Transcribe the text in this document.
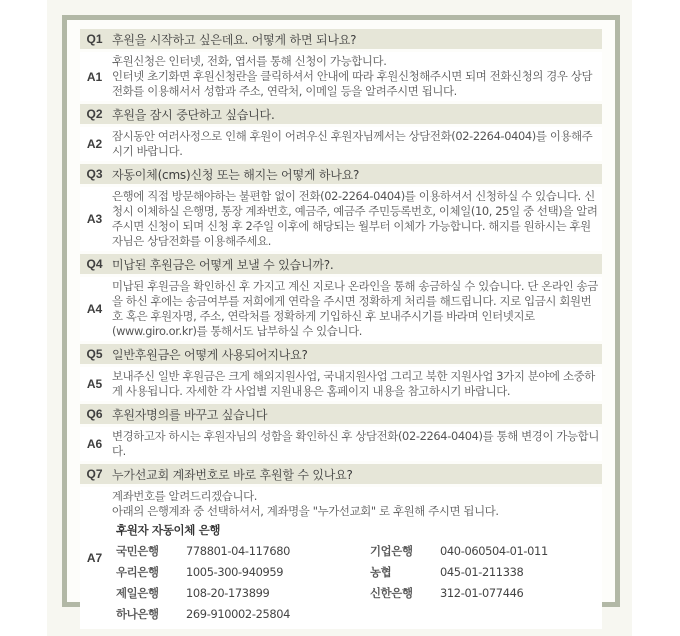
Q1	후원을 시작하고 싶은데요. 어떻게 하면 되나요?

A1	
후원신청은 인터넷, 전화, 엽서를 통해 신청이 가능합니다.
인터넷 초기화면 후원신청란을 클릭하셔서 안내에 따라 후원신청해주시면 되며 전화신청의 경우 상담전화를 이용해서서 성함과 주소, 연락처, 이메일 등을 알려주시면 됩니다.

Q2	후원을 잠시 중단하고 싶습니다.

A2	잠시동안 여러사정으로 인해 후원이 어려우신 후원자님께서는 상담전화(02-2264-0404)를 이용해주시기 바랍니다.

Q3	자동이체(cms)신청 또는 해지는 어떻게 하나요?

A3	은행에 직접 방문해야하는 불편함 없이 전화(02-2264-0404)를 이용하셔서 신청하실 수 있습니다. 신청시 이체하실 은행명, 통장 계좌번호, 예금주, 예금주 주민등록번호, 이체일(10, 25일 중 선택)을 알려주시면 신청이 되며 신청 후 2주일 이후에 해당되는 월부터 이체가 가능합니다. 해지를 원하시는 후원자님은 상담전화를 이용해주세요.

Q4	미납된 후원금은 어떻게 보낼 수 있습니까?.

A4	미납된 후원금을 확인하신 후 가지고 계신 지로나 온라인을 통해 송금하실 수 있습니다. 단 온라인 송금을 하신 후에는 송금여부를 저희에게 연락을 주시면 정확하게 처리를 해드립니다. 지로 입금시 회원번호 혹은 후원자명, 주소, 연락처를 정확하게 기입하신 후 보내주시기를 바라며 인터넷지로(www.giro.or.kr)를 통해서도 납부하실 수 있습니다.

Q5	일반후원금은 어떻게 사용되어지나요?

A5	보내주신 일반 후원금은 크게 해외지원사업, 국내지원사업 그리고 북한 지원사업 3가지 분야에 소중하게 사용됩니다. 자세한 각 사업별 지원내용은 홈페이지 내용을 참고하시기 바랍니다.

Q6	후원자명의를 바꾸고 싶습니다

A6	변경하고자 하시는 후원자님의 성함을 확인하신 후 상담전화(02-2264-0404)를 통해 변경이 가능합니다.

Q7	누가선교회 계좌번호로 바로 후원할 수 있나요?

A7	
계좌번호를 알려드리겠습니다.
아래의 은행계좌 중 선택하셔서, 계좌명을 "누가선교회" 로 후원해 주시면 됩니다.
후원자 자동이체 은행
국민은행	778801-04-117680	기업은행	040-060504-01-011
우리은행	1005-300-940959	농협	045-01-211338
제일은행	108-20-173899	신한은행	312-01-077446
하나은행	269-910002-25804		
